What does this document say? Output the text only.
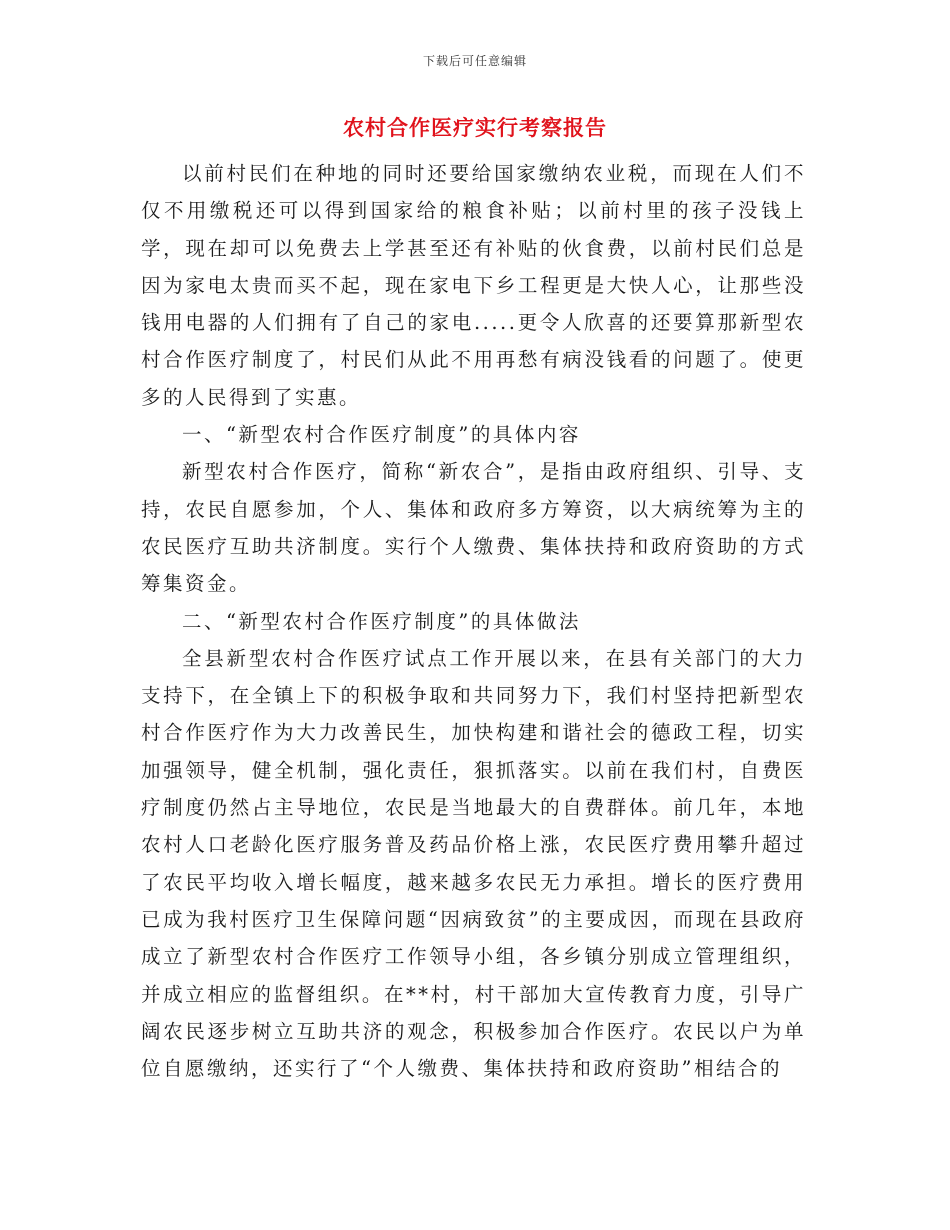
下载后可任意编辑
农村合作医疗实行考察报告

以前村民们在种地的同时还要给国家缴纳农业税，而现在人们不仅不用缴税还可以得到国家给的粮食补贴；以前村里的孩子没钱上学，现在却可以免费去上学甚至还有补贴的伙食费，以前村民们总是因为家电太贵而买不起，现在家电下乡工程更是大快人心，让那些没钱用电器的人们拥有了自己的家电.....更令人欣喜的还要算那新型农村合作医疗制度了，村民们从此不用再愁有病没钱看的问题了。使更多的人民得到了实惠。

一、“新型农村合作医疗制度”的具体内容

新型农村合作医疗，简称“新农合”，是指由政府组织、引导、支持，农民自愿参加，个人、集体和政府多方筹资，以大病统筹为主的农民医疗互助共济制度。实行个人缴费、集体扶持和政府资助的方式筹集资金。

二、“新型农村合作医疗制度”的具体做法

全县新型农村合作医疗试点工作开展以来，在县有关部门的大力支持下，在全镇上下的积极争取和共同努力下，我们村坚持把新型农村合作医疗作为大力改善民生，加快构建和谐社会的德政工程，切实加强领导，健全机制，强化责任，狠抓落实。以前在我们村，自费医疗制度仍然占主导地位，农民是当地最大的自费群体。前几年，本地农村人口老龄化医疗服务普及药品价格上涨，农民医疗费用攀升超过了农民平均收入增长幅度，越来越多农民无力承担。增长的医疗费用已成为我村医疗卫生保障问题“因病致贫”的主要成因，而现在县政府成立了新型农村合作医疗工作领导小组，各乡镇分别成立管理组织，并成立相应的监督组织。在**村，村干部加大宣传教育力度，引导广阔农民逐步树立互助共济的观念，积极参加合作医疗。农民以户为单位自愿缴纳，还实行了“个人缴费、集体扶持和政府资助”相结合的
